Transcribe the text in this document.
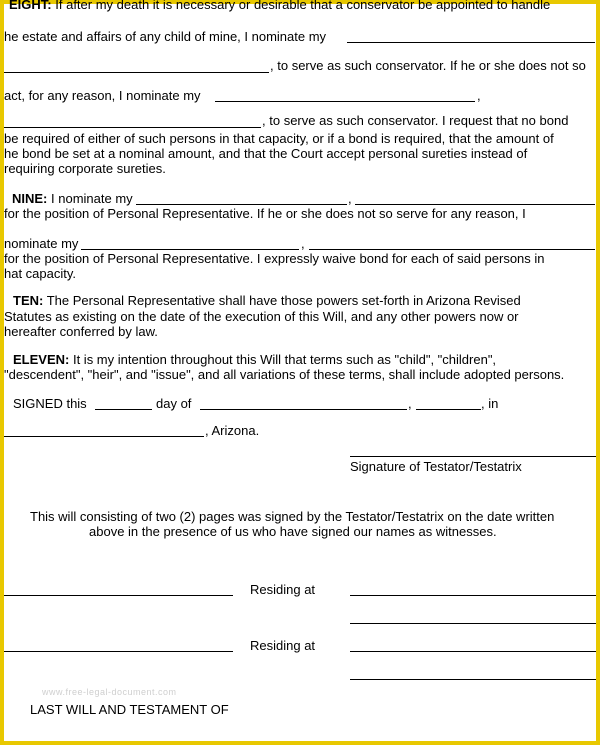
EIGHT: If after my death it is necessary or desirable that a conservator be appointed to handle
he estate and affairs of any child of mine, I nominate my
, to serve as such conservator. If he or she does not so
act, for any reason, I nominate my	,
, to serve as such conservator. I request that no bond
be required of either of such persons in that capacity, or if a bond is required, that the amount of
he bond be set at a nominal amount, and that the Court accept personal sureties instead of
requiring corporate sureties.
NINE: I nominate my	,
for the position of Personal Representative. If he or she does not so serve for any reason, I
nominate my	,
for the position of Personal Representative. I expressly waive bond for each of said persons in
hat capacity.
TEN: The Personal Representative shall have those powers set-forth in Arizona Revised
Statutes as existing on the date of the execution of this Will, and any other powers now or
hereafter conferred by law.
ELEVEN: It is my intention throughout this Will that terms such as "child", "children",
"descendent", "heir", and "issue", and all variations of these terms, shall include adopted persons.
SIGNED this	day of	,	, in
, Arizona.
Signature of Testator/Testatrix
This will consisting of two (2) pages was signed by the Testator/Testatrix on the date written
above in the presence of us who have signed our names as witnesses.
Residing at
Residing at
www.free-legal-document.com
LAST WILL AND TESTAMENT OF
